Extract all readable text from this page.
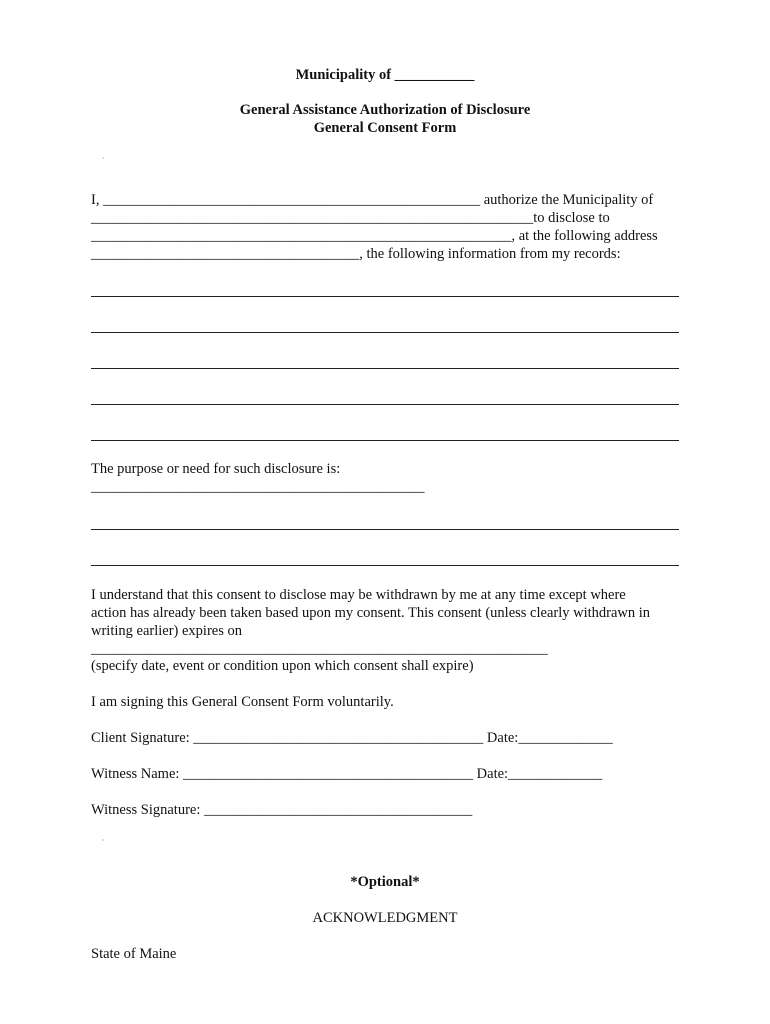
Municipality of ___________
General Assistance Authorization of Disclosure
General Consent Form
I, ____________________________________________________ authorize the Municipality of
_____________________________________________________________to disclose to
__________________________________________________________, at the following address
_____________________________________, the following information from my records:
The purpose or need for such disclosure is:
______________________________________________
I understand that this consent to disclose may be withdrawn by me at any time except where
action has already been taken based upon my consent. This consent (unless clearly withdrawn in
writing earlier) expires on
_______________________________________________________________
(specify date, event or condition upon which consent shall expire)
I am signing this General Consent Form voluntarily.
Client Signature: ________________________________________ Date:_____________
Witness Name: ________________________________________ Date:_____________
Witness Signature: _____________________________________
*Optional*
ACKNOWLEDGMENT
State of Maine
